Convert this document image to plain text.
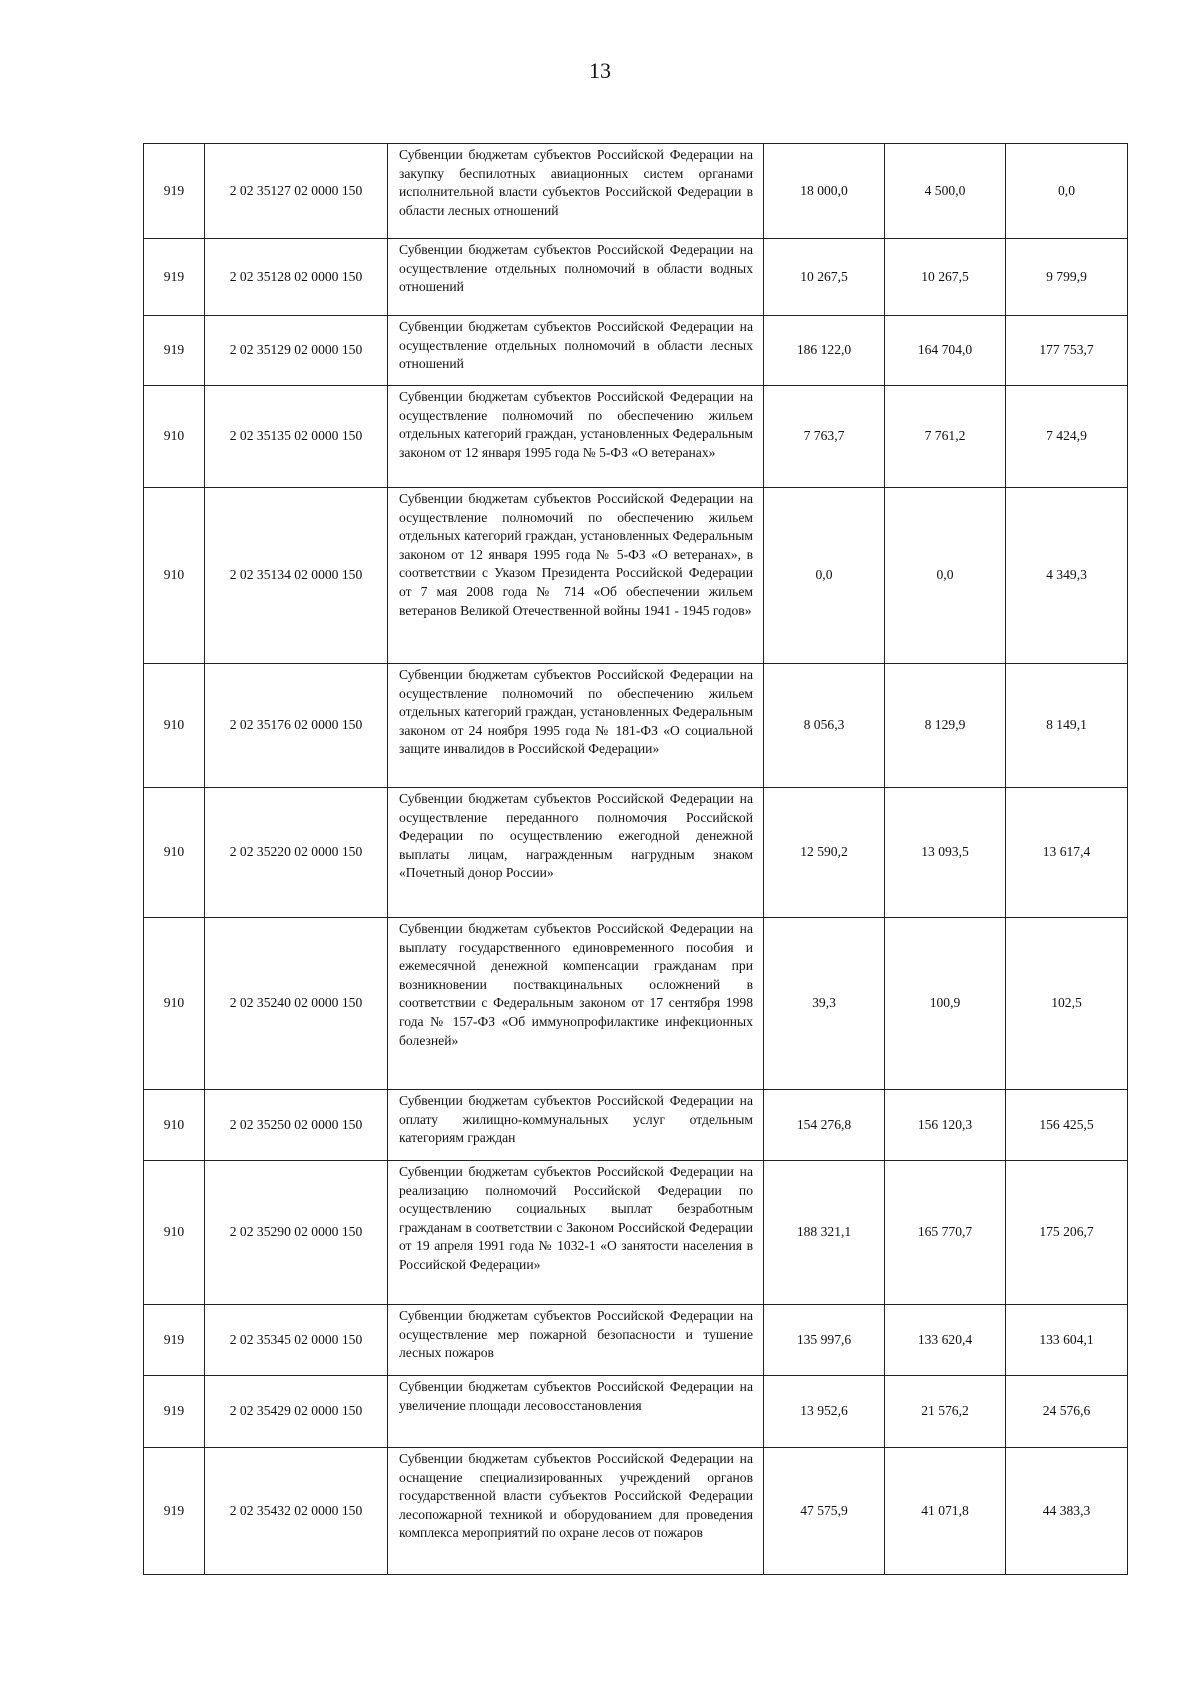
13
919	2 02 35127 02 0000 150	Субвенции бюджетам субъектов Российской Федерации на закупку беспилотных авиационных систем органами исполнительной власти субъектов Российской Федерации в области лесных отношений	18 000,0	4 500,0	0,0
919	2 02 35128 02 0000 150	Субвенции бюджетам субъектов Российской Федерации на осуществление отдельных полномочий в области водных отношений	10 267,5	10 267,5	9 799,9
919	2 02 35129 02 0000 150	Субвенции бюджетам субъектов Российской Федерации на осуществление отдельных полномочий в области лесных отношений	186 122,0	164 704,0	177 753,7
910	2 02 35135 02 0000 150	Субвенции бюджетам субъектов Российской Федерации на осуществление полномочий по обеспечению жильем отдельных категорий граждан, установленных Федеральным законом от 12 января 1995 года № 5-ФЗ «О ветеранах»	7 763,7	7 761,2	7 424,9
910	2 02 35134 02 0000 150	Субвенции бюджетам субъектов Российской Федерации на осуществление полномочий по обеспечению жильем отдельных категорий граждан, установленных Федеральным законом от 12 января 1995 года № 5-ФЗ «О ветеранах», в соответствии с Указом Президента Российской Федерации от 7 мая 2008 года № 714 «Об обеспечении жильем ветеранов Великой Отечественной войны 1941 - 1945 годов»	0,0	0,0	4 349,3
910	2 02 35176 02 0000 150	Субвенции бюджетам субъектов Российской Федерации на осуществление полномочий по обеспечению жильем отдельных категорий граждан, установленных Федеральным законом от 24 ноября 1995 года № 181-ФЗ «О социальной защите инвалидов в Российской Федерации»	8 056,3	8 129,9	8 149,1
910	2 02 35220 02 0000 150	Субвенции бюджетам субъектов Российской Федерации на осуществление переданного полномочия Российской Федерации по осуществлению ежегодной денежной выплаты лицам, награжденным нагрудным знаком «Почетный донор России»	12 590,2	13 093,5	13 617,4
910	2 02 35240 02 0000 150	Субвенции бюджетам субъектов Российской Федерации на выплату государственного единовременного пособия и ежемесячной денежной компенсации гражданам при возникновении поствакцинальных осложнений в соответствии с Федеральным законом от 17 сентября 1998 года № 157-ФЗ «Об иммунопрофилактике инфекционных болезней»	39,3	100,9	102,5
910	2 02 35250 02 0000 150	Субвенции бюджетам субъектов Российской Федерации на оплату жилищно-коммунальных услуг отдельным категориям граждан	154 276,8	156 120,3	156 425,5
910	2 02 35290 02 0000 150	Субвенции бюджетам субъектов Российской Федерации на реализацию полномочий Российской Федерации по осуществлению социальных выплат безработным гражданам в соответствии с Законом Российской Федерации от 19 апреля 1991 года № 1032-1 «О занятости населения в Российской Федерации»	188 321,1	165 770,7	175 206,7
919	2 02 35345 02 0000 150	Субвенции бюджетам субъектов Российской Федерации на осуществление мер пожарной безопасности и тушение лесных пожаров	135 997,6	133 620,4	133 604,1
919	2 02 35429 02 0000 150	Субвенции бюджетам субъектов Российской Федерации на увеличение площади лесовосстановления	13 952,6	21 576,2	24 576,6
919	2 02 35432 02 0000 150	Субвенции бюджетам субъектов Российской Федерации на оснащение специализированных учреждений органов государственной власти субъектов Российской Федерации лесопожарной техникой и оборудованием для проведения комплекса мероприятий по охране лесов от пожаров	47 575,9	41 071,8	44 383,3
